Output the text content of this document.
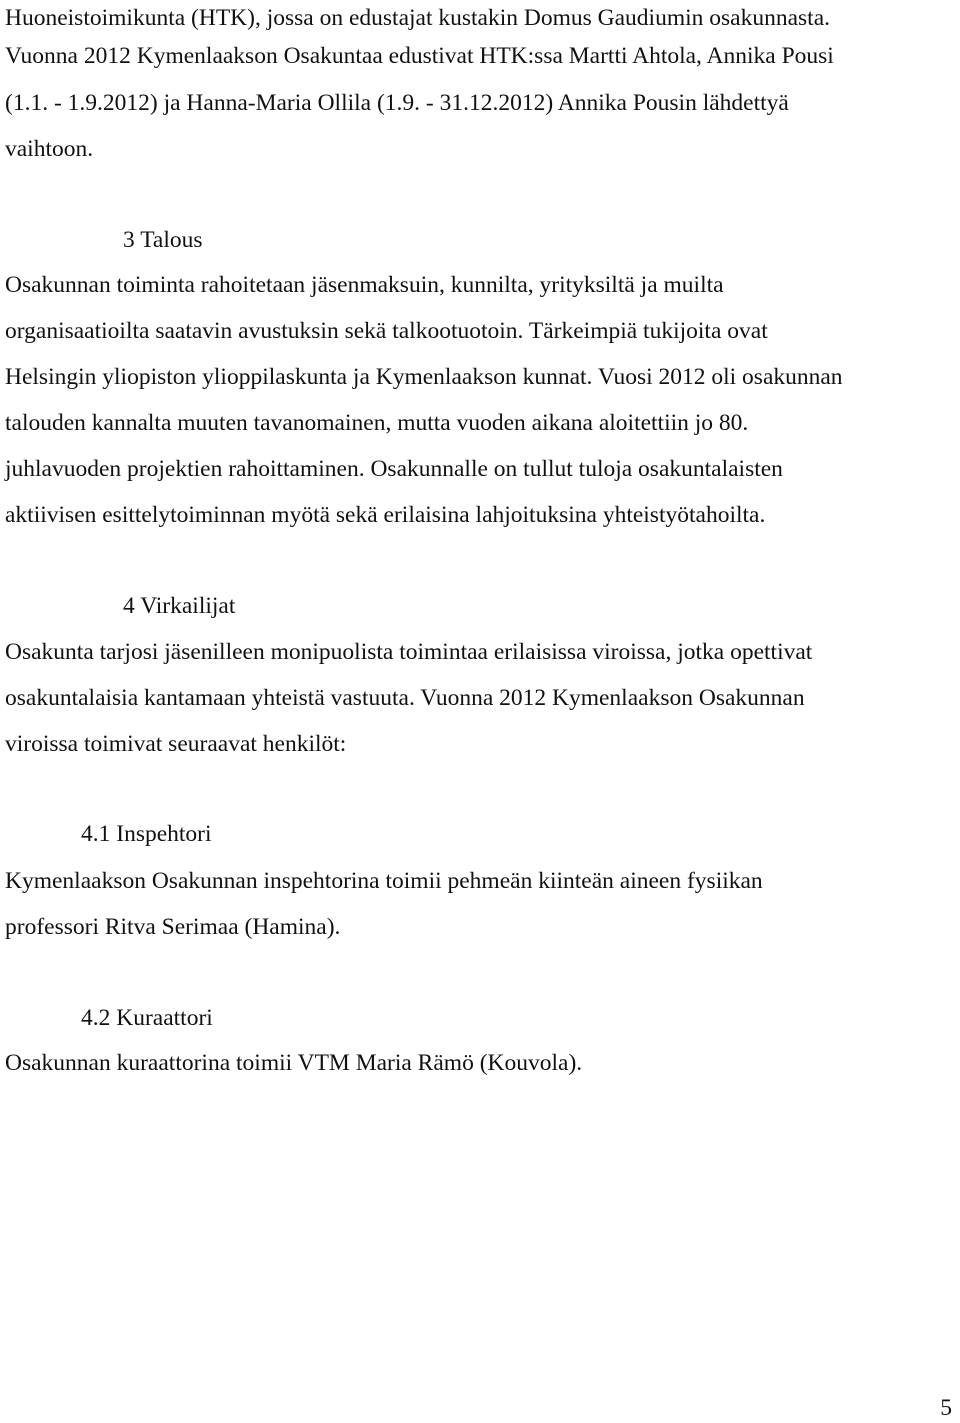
Huoneistoimikunta (HTK), jossa on edustajat kustakin Domus Gaudiumin osakunnasta.
Vuonna 2012 Kymenlaakson Osakuntaa edustivat HTK:ssa Martti Ahtola, Annika Pousi
(1.1. - 1.9.2012) ja Hanna-Maria Ollila (1.9. - 31.12.2012) Annika Pousin lähdettyä
vaihtoon.
3 Talous
Osakunnan toiminta rahoitetaan jäsenmaksuin, kunnilta, yrityksiltä ja muilta
organisaatioilta saatavin avustuksin sekä talkootuotoin. Tärkeimpiä tukijoita ovat
Helsingin yliopiston ylioppilaskunta ja Kymenlaakson kunnat. Vuosi 2012 oli osakunnan
talouden kannalta muuten tavanomainen, mutta vuoden aikana aloitettiin jo 80.
juhlavuoden projektien rahoittaminen. Osakunnalle on tullut tuloja osakuntalaisten
aktiivisen esittelytoiminnan myötä sekä erilaisina lahjoituksina yhteistyötahoilta.
4 Virkailijat
Osakunta tarjosi jäsenilleen monipuolista toimintaa erilaisissa viroissa, jotka opettivat
osakuntalaisia kantamaan yhteistä vastuuta. Vuonna 2012 Kymenlaakson Osakunnan
viroissa toimivat seuraavat henkilöt:
4.1 Inspehtori
Kymenlaakson Osakunnan inspehtorina toimii pehmeän kiinteän aineen fysiikan
professori Ritva Serimaa (Hamina).
4.2 Kuraattori
Osakunnan kuraattorina toimii VTM Maria Rämö (Kouvola).
5
